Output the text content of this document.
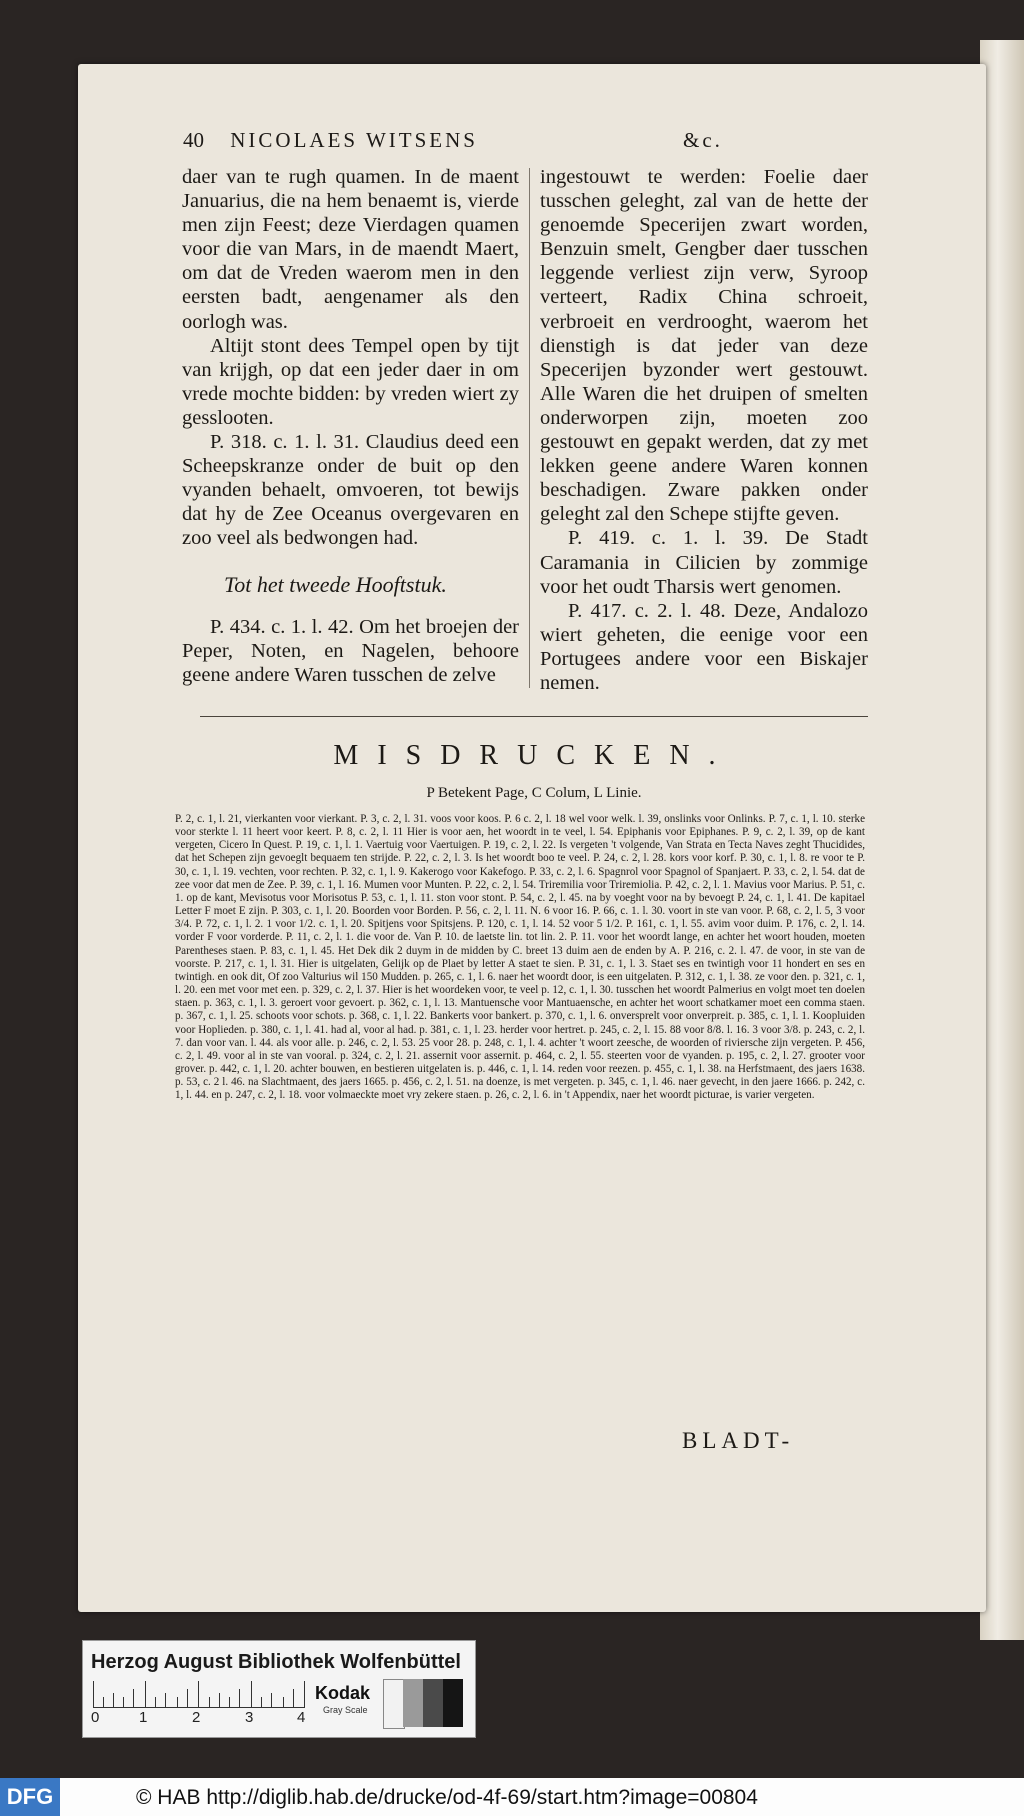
40 NICOLAES WITSENS	&c.

daer van te rugh quamen. In de maent Januarius, die na hem benaemt is, vierde men zijn Feest; deze Vierdagen quamen voor die van Mars, in de maendt Maert, om dat de Vreden waerom men in den eersten badt, aengenamer als den oorlogh was.

Altijt stont dees Tempel open by tijt van krijgh, op dat een jeder daer in om vrede mochte bidden: by vreden wiert zy gesslooten.

P. 318. c. 1. l. 31. Claudius deed een Scheepskranze onder de buit op den vyanden behaelt, omvoeren, tot bewijs dat hy de Zee Oceanus overgevaren en zoo veel als bedwongen had.

Tot het tweede Hooftstuk.

P. 434. c. 1. l. 42. Om het broejen der Peper, Noten, en Nagelen, behoore geene andere Waren tusschen de zelve

ingestouwt te werden: Foelie daer tusschen geleght, zal van de hette der genoemde Specerijen zwart worden, Benzuin smelt, Gengber daer tusschen leggende verliest zijn verw, Syroop verteert, Radix China schroeit, verbroeit en verdrooght, waerom het dienstigh is dat jeder van deze Specerijen byzonder wert gestouwt. Alle Waren die het druipen of smelten onderworpen zijn, moeten zoo gestouwt en gepakt werden, dat zy met lekken geene andere Waren konnen beschadigen. Zware pakken onder geleght zal den Schepe stijfte geven.

P. 419. c. 1. l. 39. De Stadt Caramania in Cilicien by zommige voor het oudt Tharsis wert genomen.

P. 417. c. 2. l. 48. Deze, Andalozo wiert geheten, die eenige voor een Portugees andere voor een Biskajer nemen.

MISDRUCKEN.
P Betekent Page, C Colum, L Linie.
P. 2, c. 1, l. 21, vierkanten voor vierkant. P. 3, c. 2, l. 31. voos voor koos. P. 6 c. 2, l. 18 wel voor welk. l. 39, onslinks voor Onlinks. P. 7, c. 1, l. 10. sterke voor sterkte l. 11 heert voor keert. P. 8, c. 2, l. 11 Hier is voor aen, het woordt in te veel, l. 54. Epiphanis voor Epiphanes. P. 9, c. 2, l. 39, op de kant vergeten, Cicero In Quest. P. 19, c. 1, l. 1. Vaertuig voor Vaertuigen. P. 19, c. 2, l. 22. Is vergeten 't volgende, Van Strata en Tecta Naves zeght Thucidides, dat het Schepen zijn gevoeglt bequaem ten strijde. P. 22, c. 2, l. 3. Is het woordt boo te veel. P. 24, c. 2, l. 28. kors voor korf. P. 30, c. 1, l. 8. re voor te P. 30, c. 1, l. 19. vechten, voor rechten. P. 32, c. 1, l. 9. Kakerogo voor Kakefogo. P. 33, c. 2, l. 6. Spagnrol voor Spagnol of Spanjaert. P. 33, c. 2, l. 54. dat de zee voor dat men de Zee. P. 39, c. 1, l. 16. Mumen voor Munten. P. 22, c. 2, l. 54. Triremilia voor Triremiolia. P. 42, c. 2, l. 1. Mavius voor Marius. P. 51, c. 1. op de kant, Mevisotus voor Morisotus P. 53, c. 1, l. 11. ston voor stont. P. 54, c. 2, l. 45. na by voeght voor na by bevoegt P. 24, c. 1, l. 41. De kapitael Letter F moet E zijn. P. 303, c. 1, l. 20. Boorden voor Borden. P. 56, c. 2, l. 11. N. 6 voor 16. P. 66, c. 1. l. 30. voort in ste van voor. P. 68, c. 2, l. 5, 3 voor 3/4. P. 72, c. 1, l. 2. 1 voor 1/2. c. 1, l. 20. Spitjens voor Spitsjens. P. 120, c. 1, l. 14. 52 voor 5 1/2. P. 161, c. 1, l. 55. avim voor duim. P. 176, c. 2, l. 14. vorder F voor vorderde. P. 11, c. 2, l. 1. die voor de. Van P. 10. de laetste lin. tot lin. 2. P. 11. voor het woordt lange, en achter het woort houden, moeten Parentheses staen. P. 83, c. 1, l. 45. Het Dek dik 2 duym in de midden by C. breet 13 duim aen de enden by A. P. 216, c. 2. l. 47. de voor, in ste van de voorste. P. 217, c. 1, l. 31. Hier is uitgelaten, Gelijk op de Plaet by letter A staet te sien. P. 31, c. 1, l. 3. Staet ses en twintigh voor 11 hondert en ses en twintigh. en ook dit, Of zoo Valturius wil 150 Mudden. p. 265, c. 1, l. 6. naer het woordt door, is een uitgelaten. P. 312, c. 1, l. 38. ze voor den. p. 321, c. 1, l. 20. een met voor met een. p. 329, c. 2, l. 37. Hier is het woordeken voor, te veel p. 12, c. 1, l. 30. tusschen het woordt Palmerius en volgt moet ten doelen staen. p. 363, c. 1, l. 3. geroert voor gevoert. p. 362, c. 1, l. 13. Mantuensche voor Mantuaensche, en achter het woort schatkamer moet een comma staen. p. 367, c. 1, l. 25. schoots voor schots. p. 368, c. 1, l. 22. Bankerts voor bankert. p. 370, c. 1, l. 6. onversprelt voor onverpreit. p. 385, c. 1, l. 1. Koopluiden voor Hoplieden. p. 380, c. 1, l. 41. had al, voor al had. p. 381, c. 1, l. 23. herder voor hertret. p. 245, c. 2, l. 15. 88 voor 8/8. l. 16. 3 voor 3/8. p. 243, c. 2, l. 7. dan voor van. l. 44. als voor alle. p. 246, c. 2, l. 53. 25 voor 28. p. 248, c. 1, l. 4. achter 't woort zeesche, de woorden of riviersche zijn vergeten. P. 456, c. 2, l. 49. voor al in ste van vooral. p. 324, c. 2, l. 21. assernit voor assernit. p. 464, c. 2, l. 55. steerten voor de vyanden. p. 195, c. 2, l. 27. grooter voor grover. p. 442, c. 1, l. 20. achter bouwen, en bestieren uitgelaten is. p. 446, c. 1, l. 14. reden voor reezen. p. 455, c. 1, l. 38. na Herfstmaent, des jaers 1638. p. 53, c. 2 l. 46. na Slachtmaent, des jaers 1665. p. 456, c. 2, l. 51. na doenze, is met vergeten. p. 345, c. 1, l. 46. naer gevecht, in den jaere 1666. p. 242, c. 1, l. 44. en p. 247, c. 2, l. 18. voor volmaeckte moet vry zekere staen. p. 26, c. 2, l. 6. in 't Appendix, naer het woordt picturae, is varier vergeten.
BLADT-
Herzog August Bibliothek Wolfenbüttel
0	1	2	3	4
Kodak
Gray Scale
DFG	© HAB http://diglib.hab.de/drucke/od-4f-69/start.htm?image=00804
